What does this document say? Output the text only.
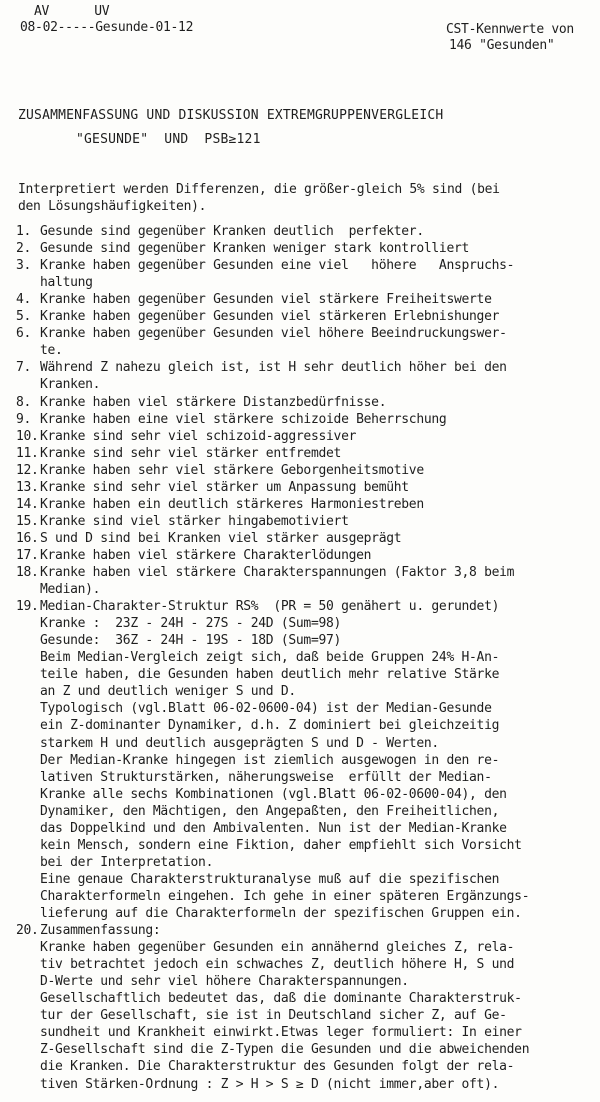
AV      UV
08-02-----Gesunde-01-12	CST-Kennwerte von
146 "Gesunden"
ZUSAMMENFASSUNG UND DISKUSSION EXTREMGRUPPENVERGLEICH
"GESUNDE"  UND  PSB≥121
Interpretiert werden Differenzen, die größer-gleich 5% sind (bei
den Lösungshäufigkeiten).
1. Gesunde sind gegenüber Kranken deutlich  perfekter.
2. Gesunde sind gegenüber Kranken weniger stark kontrolliert
3. Kranke haben gegenüber Gesunden eine viel   höhere   Anspruchs-
haltung
4. Kranke haben gegenüber Gesunden viel stärkere Freiheitswerte
5. Kranke haben gegenüber Gesunden viel stärkeren Erlebnishunger
6. Kranke haben gegenüber Gesunden viel höhere Beeindruckungswer-
te.
7. Während Z nahezu gleich ist, ist H sehr deutlich höher bei den
Kranken.
8. Kranke haben viel stärkere Distanzbedürfnisse.
9. Kranke haben eine viel stärkere schizoide Beherrschung
10. Kranke sind sehr viel schizoid-aggressiver
11. Kranke sind sehr viel stärker entfremdet
12. Kranke haben sehr viel stärkere Geborgenheitsmotive
13. Kranke sind sehr viel stärker um Anpassung bemüht
14. Kranke haben ein deutlich stärkeres Harmoniestreben
15. Kranke sind viel stärker hingabemotiviert
16. S und D sind bei Kranken viel stärker ausgeprägt
17. Kranke haben viel stärkere Charakterlödungen
18. Kranke haben viel stärkere Charakterspannungen (Faktor 3,8 beim
Median).
19. Median-Charakter-Struktur RS%  (PR = 50 genähert u. gerundet)
Kranke :  23Z - 24H - 27S - 24D (Sum=98)
Gesunde:  36Z - 24H - 19S - 18D (Sum=97)
Beim Median-Vergleich zeigt sich, daß beide Gruppen 24% H-An-
teile haben, die Gesunden haben deutlich mehr relative Stärke
an Z und deutlich weniger S und D.
Typologisch (vgl.Blatt 06-02-0600-04) ist der Median-Gesunde
ein Z-dominanter Dynamiker, d.h. Z dominiert bei gleichzeitig
starkem H und deutlich ausgeprägten S und D - Werten.
Der Median-Kranke hingegen ist ziemlich ausgewogen in den re-
lativen Strukturstärken, näherungsweise  erfüllt der Median-
Kranke alle sechs Kombinationen (vgl.Blatt 06-02-0600-04), den
Dynamiker, den Mächtigen, den Angepaßten, den Freiheitlichen,
das Doppelkind und den Ambivalenten. Nun ist der Median-Kranke
kein Mensch, sondern eine Fiktion, daher empfiehlt sich Vorsicht
bei der Interpretation.
Eine genaue Charakterstrukturanalyse muß auf die spezifischen
Charakterformeln eingehen. Ich gehe in einer späteren Ergänzungs-
lieferung auf die Charakterformeln der spezifischen Gruppen ein.
20. Zusammenfassung:
Kranke haben gegenüber Gesunden ein annähernd gleiches Z, rela-
tiv betrachtet jedoch ein schwaches Z, deutlich höhere H, S und
D-Werte und sehr viel höhere Charakterspannungen.
Gesellschaftlich bedeutet das, daß die dominante Charakterstruk-
tur der Gesellschaft, sie ist in Deutschland sicher Z, auf Ge-
sundheit und Krankheit einwirkt.Etwas leger formuliert: In einer
Z-Gesellschaft sind die Z-Typen die Gesunden und die abweichenden
die Kranken. Die Charakterstruktur des Gesunden folgt der rela-
tiven Stärken-Ordnung : Z > H > S ≥ D (nicht immer,aber oft).
